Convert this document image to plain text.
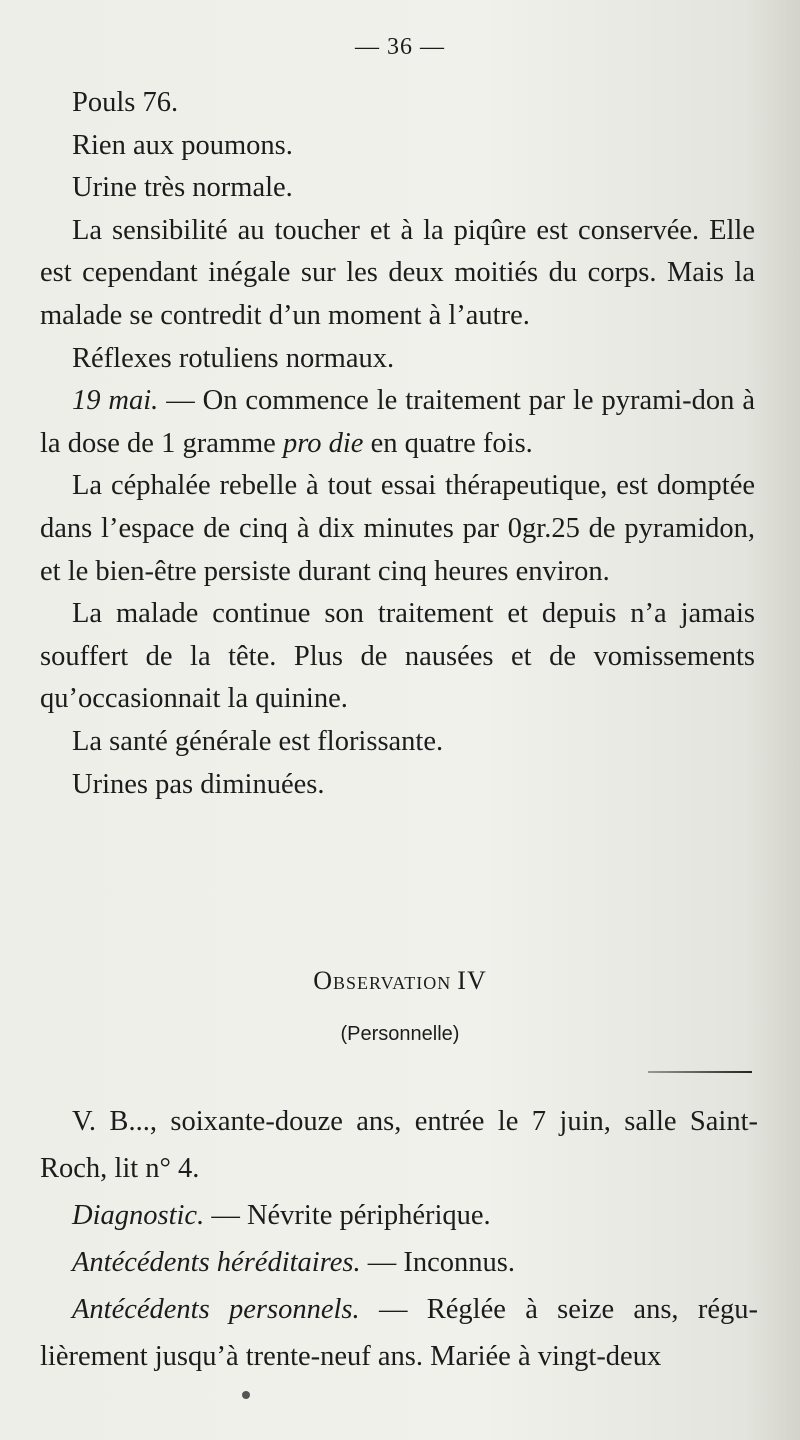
— 36 —

Pouls 76.

Rien aux poumons.

Urine très normale.

La sensibilité au toucher et à la piqûre est conservée. Elle est cependant inégale sur les deux moitiés du corps. Mais la malade se contredit d’un moment à l’autre.

Réflexes rotuliens normaux.

19 mai. — On commence le traitement par le pyrami-don à la dose de 1 gramme pro die en quatre fois.

La céphalée rebelle à tout essai thérapeutique, est domptée dans l’espace de cinq à dix minutes par 0gr.25 de pyramidon, et le bien-être persiste durant cinq heures environ.

La malade continue son traitement et depuis n’a jamais souffert de la tête. Plus de nausées et de vomissements qu’occasionnait la quinine.

La santé générale est florissante.

Urines pas diminuées.

Observation IV
(Personnelle)

V. B..., soixante-douze ans, entrée le 7 juin, salle Saint-Roch, lit n° 4.

Diagnostic. — Névrite périphérique.

Antécédents héréditaires. — Inconnus.

Antécédents personnels. — Réglée à seize ans, régu-lièrement jusqu’à trente-neuf ans. Mariée à vingt-deux
